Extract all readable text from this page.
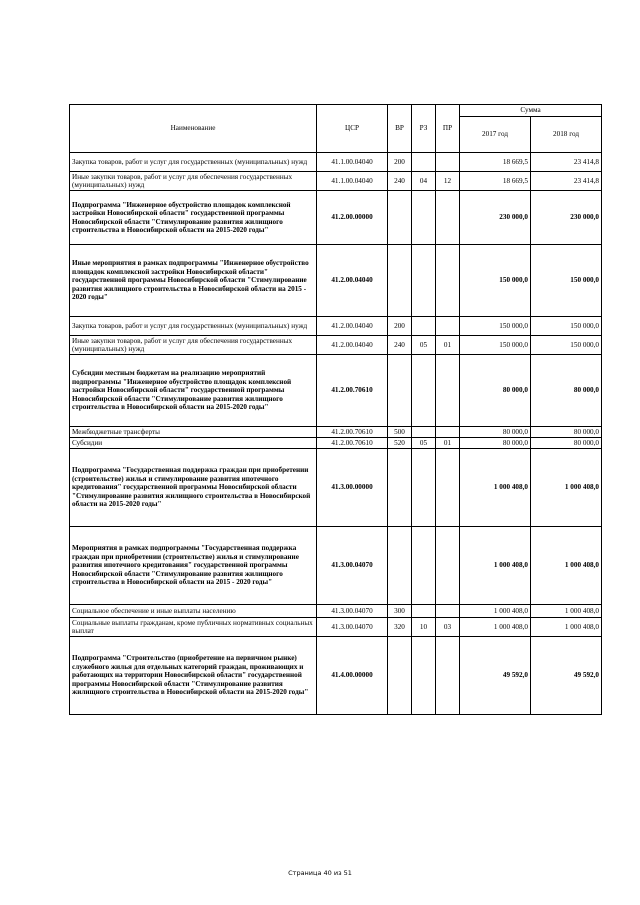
Наименование	ЦСР	ВР	РЗ	ПР	Сумма	
					2017 год	2018 год
Закупка товаров, работ и услуг для государственных (муниципальных) нужд	41.1.00.04040	200			18 669,5	23 414,8
Иные закупки товаров, работ и услуг для обеспечения государственных (муниципальных) нужд	41.1.00.04040	240	04	12	18 669,5	23 414,8
Подпрограмма "Инженерное обустройство площадок комплексной застройки Новосибирской области" государственной программы Новосибирской области "Стимулирование развития жилищного строительства в Новосибирской области на 2015-2020 годы"	41.2.00.00000				230 000,0	230 000,0
Иные мероприятия в рамках подпрограммы "Инженерное обустройство площадок комплексной застройки Новосибирской области" государственной программы Новосибирской области "Стимулирование развития жилищного строительства в Новосибирской области на 2015 - 2020 годы"	41.2.00.04040				150 000,0	150 000,0
Закупка товаров, работ и услуг для государственных (муниципальных) нужд	41.2.00.04040	200			150 000,0	150 000,0
Иные закупки товаров, работ и услуг для обеспечения государственных (муниципальных) нужд	41.2.00.04040	240	05	01	150 000,0	150 000,0
Субсидии местным бюджетам на реализацию мероприятий подпрограммы "Инженерное обустройство площадок комплексной застройки Новосибирской области" государственной программы Новосибирской области "Стимулирование развития жилищного строительства в Новосибирской области на 2015-2020 годы"	41.2.00.70610				80 000,0	80 000,0
Межбюджетные трансферты	41.2.00.70610	500			80 000,0	80 000,0
Субсидии	41.2.00.70610	520	05	01	80 000,0	80 000,0
Подпрограмма "Государственная поддержка граждан при приобретении (строительстве) жилья и стимулирование развития ипотечного кредитования" государственной программы Новосибирской области "Стимулирование развития жилищного строительства в Новосибирской области на 2015-2020 годы"	41.3.00.00000				1 000 408,0	1 000 408,0
Мероприятия в рамках подпрограммы "Государственная поддержка граждан при приобретении (строительстве) жилья и стимулирование развития ипотечного кредитования" государственной программы Новосибирской области "Стимулирование развития жилищного строительства в Новосибирской области на 2015 - 2020 годы"	41.3.00.04070				1 000 408,0	1 000 408,0
Социальное обеспечение и иные выплаты населению	41.3.00.04070	300			1 000 408,0	1 000 408,0
Социальные выплаты гражданам, кроме публичных нормативных социальных выплат	41.3.00.04070	320	10	03	1 000 408,0	1 000 408,0
Подпрограмма "Строительство (приобретение на первичном рынке) служебного жилья для отдельных категорий граждан, проживающих и работающих на территории Новосибирской области" государственной программы Новосибирской области "Стимулирование развития жилищного строительства в Новосибирской области на 2015-2020 годы"	41.4.00.00000				49 592,0	49 592,0
Страница 40 из 51
